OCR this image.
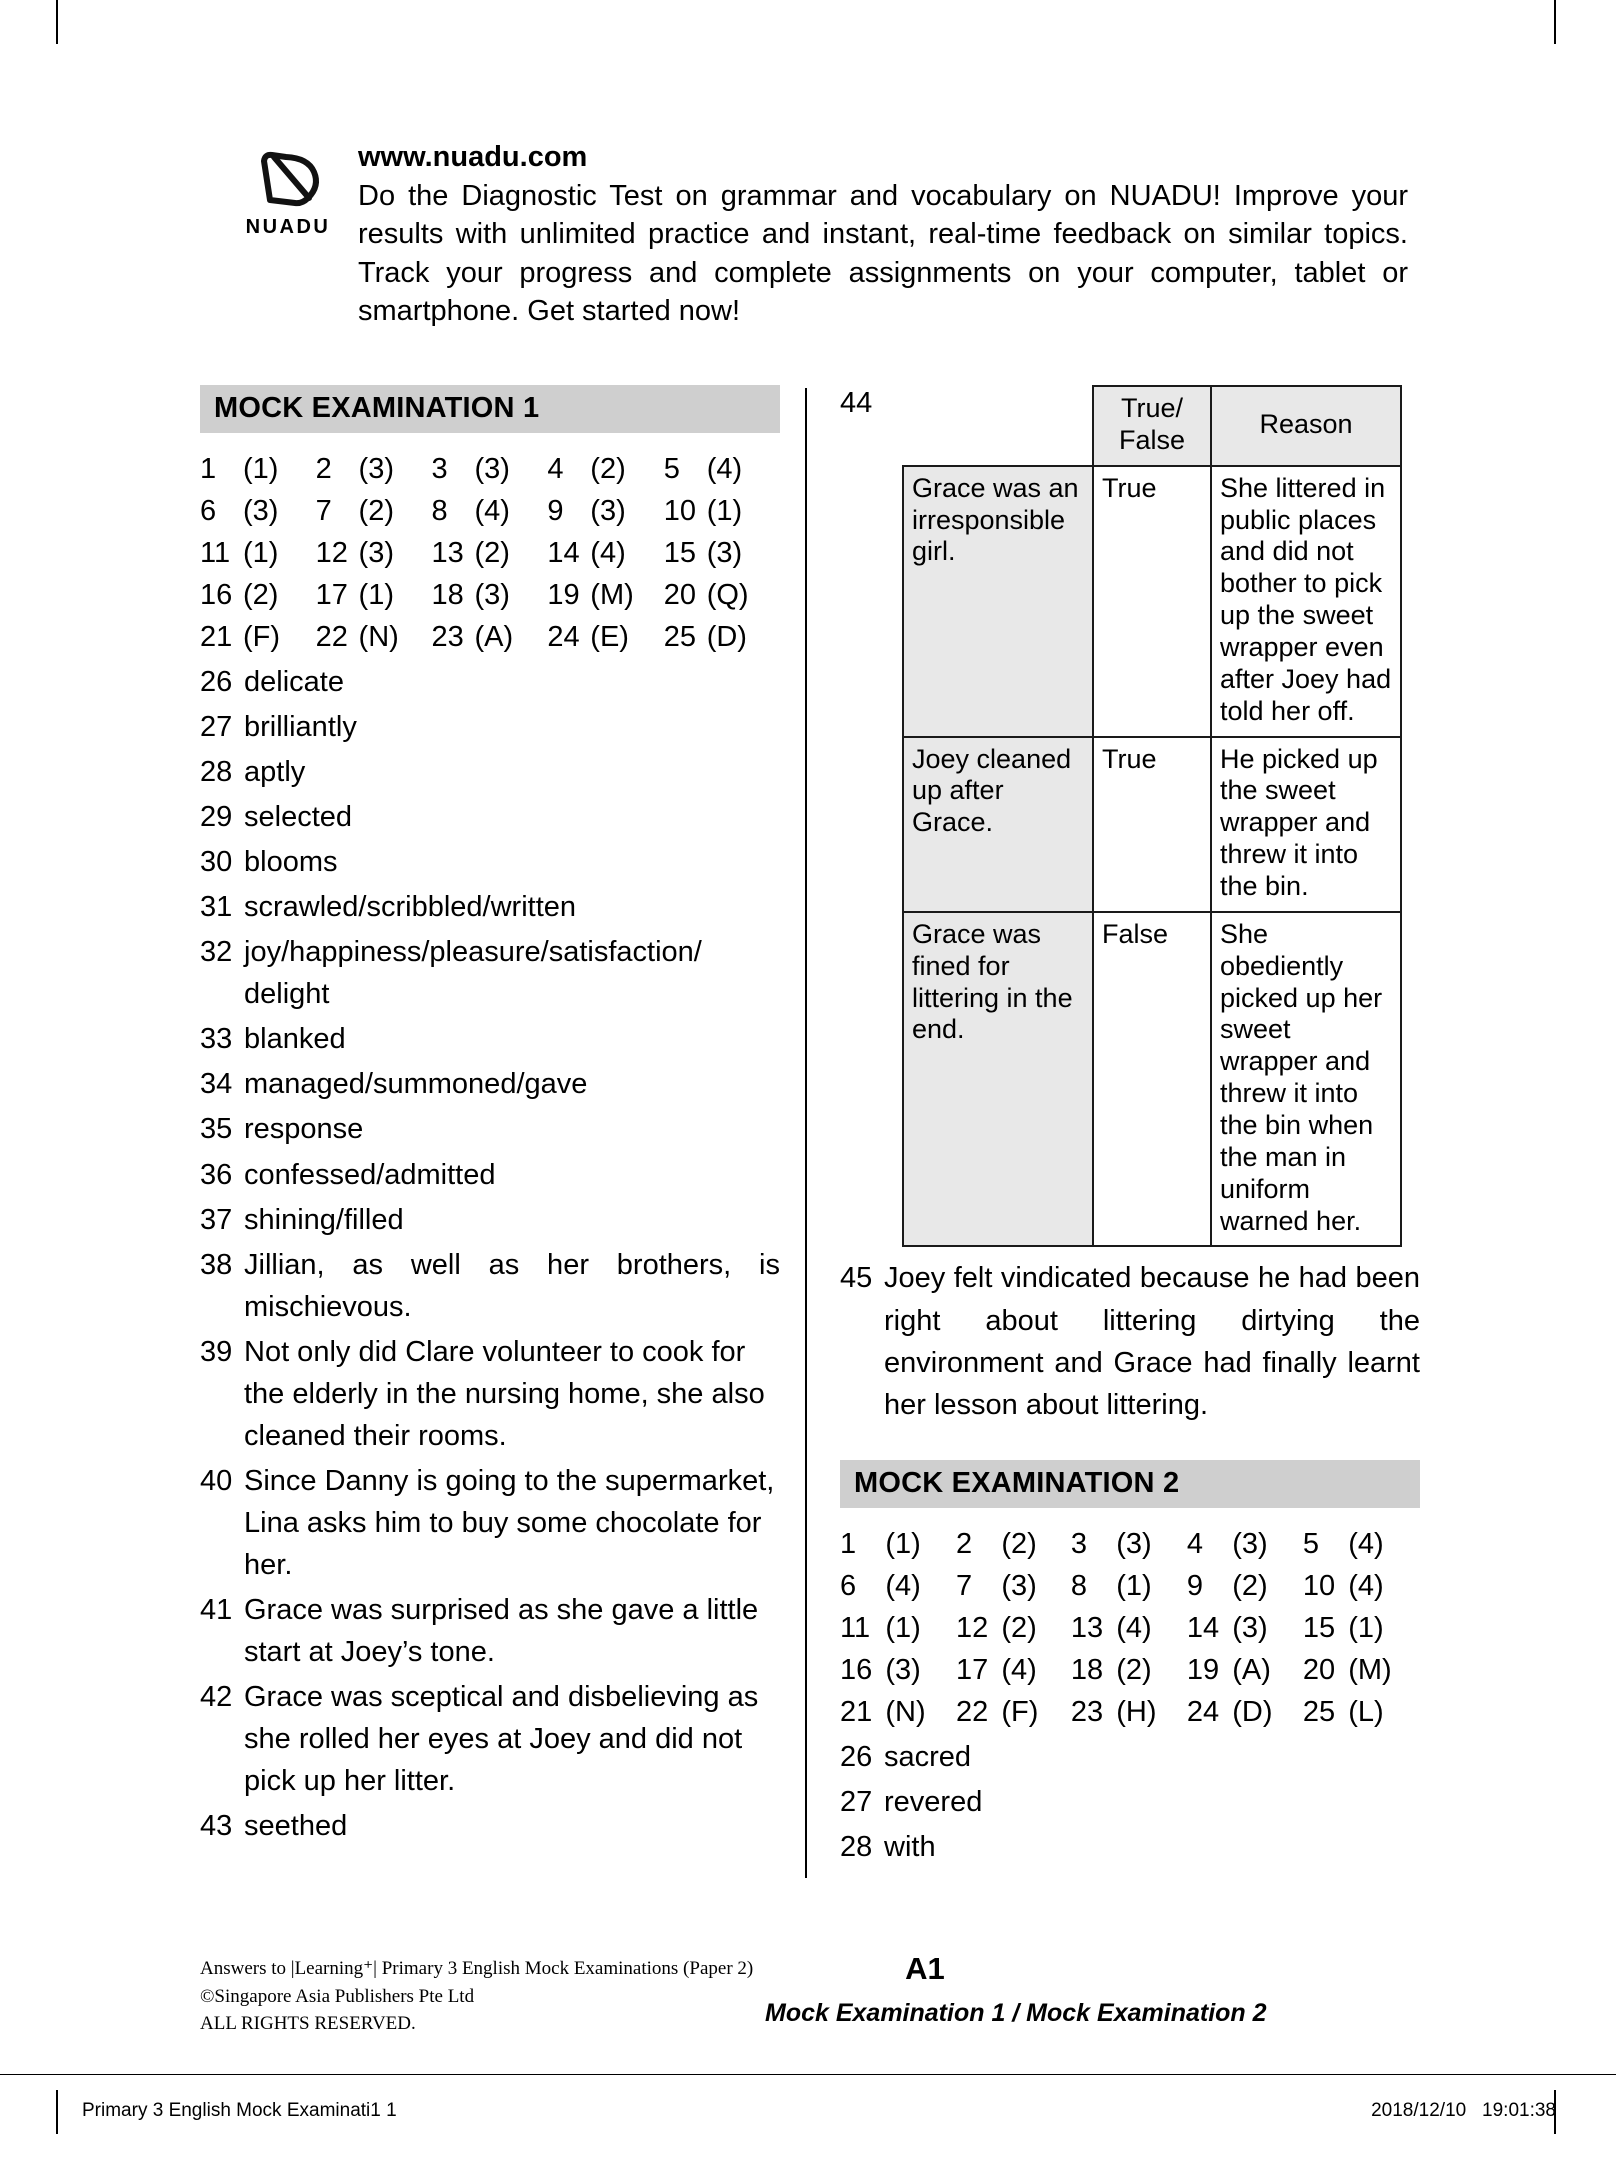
NUADU
www.nuadu.com
Do the Diagnostic Test on grammar and vocabulary on NUADU! Improve your results with unlimited practice and instant, real-time feedback on similar topics. Track your progress and complete assignments on your computer, tablet or smartphone. Get started now!
MOCK EXAMINATION 1
1	(1)	2	(3)	3	(3)	4	(2)	5	(4)
6	(3)	7	(2)	8	(4)	9	(3)	10	(1)
11	(1)	12	(3)	13	(2)	14	(4)	15	(3)
16	(2)	17	(1)	18	(3)	19	(M)	20	(Q)
21	(F)	22	(N)	23	(A)	24	(E)	25	(D)
26 delicate
27 brilliantly
28 aptly
29 selected
30 blooms
31 scrawled/scribbled/written
32 joy/happiness/pleasure/satisfaction/ delight
33 blanked
34 managed/summoned/gave
35 response
36 confessed/admitted
37 shining/filled
38 Jillian, as well as her brothers, is mischievous.
39 Not only did Clare volunteer to cook for the elderly in the nursing home, she also cleaned their rooms.
40 Since Danny is going to the supermarket, Lina asks him to buy some chocolate for her.
41 Grace was surprised as she gave a little start at Joey’s tone.
42 Grace was sceptical and disbelieving as she rolled her eyes at Joey and did not pick up her litter.
43 seethed
44
		True/ False	Reason
Grace was an irresponsible girl.	True	She littered in public places and did not bother to pick up the sweet wrapper even after Joey had told her off.
Joey cleaned up after Grace.	True	He picked up the sweet wrapper and threw it into the bin.
Grace was fined for littering in the end.	False	She obediently picked up her sweet wrapper and threw it into the bin when the man in uniform warned her.
45 Joey felt vindicated because he had been right about littering dirtying the environment and Grace had finally learnt her lesson about littering.
MOCK EXAMINATION 2
1	(1)	2	(2)	3	(3)	4	(3)	5	(4)
6	(4)	7	(3)	8	(1)	9	(2)	10	(4)
11	(1)	12	(2)	13	(4)	14	(3)	15	(1)
16	(3)	17	(4)	18	(2)	19	(A)	20	(M)
21	(N)	22	(F)	23	(H)	24	(D)	25	(L)
26 sacred
27 revered
28 with
Answers to |Learning⁺| Primary 3 English Mock Examinations (Paper 2)
©Singapore Asia Publishers Pte Ltd
ALL RIGHTS RESERVED.
A1
Mock Examination 1 / Mock Examination 2
Primary 3 English Mock Examinati1 1	2018/12/10   19:01:38
